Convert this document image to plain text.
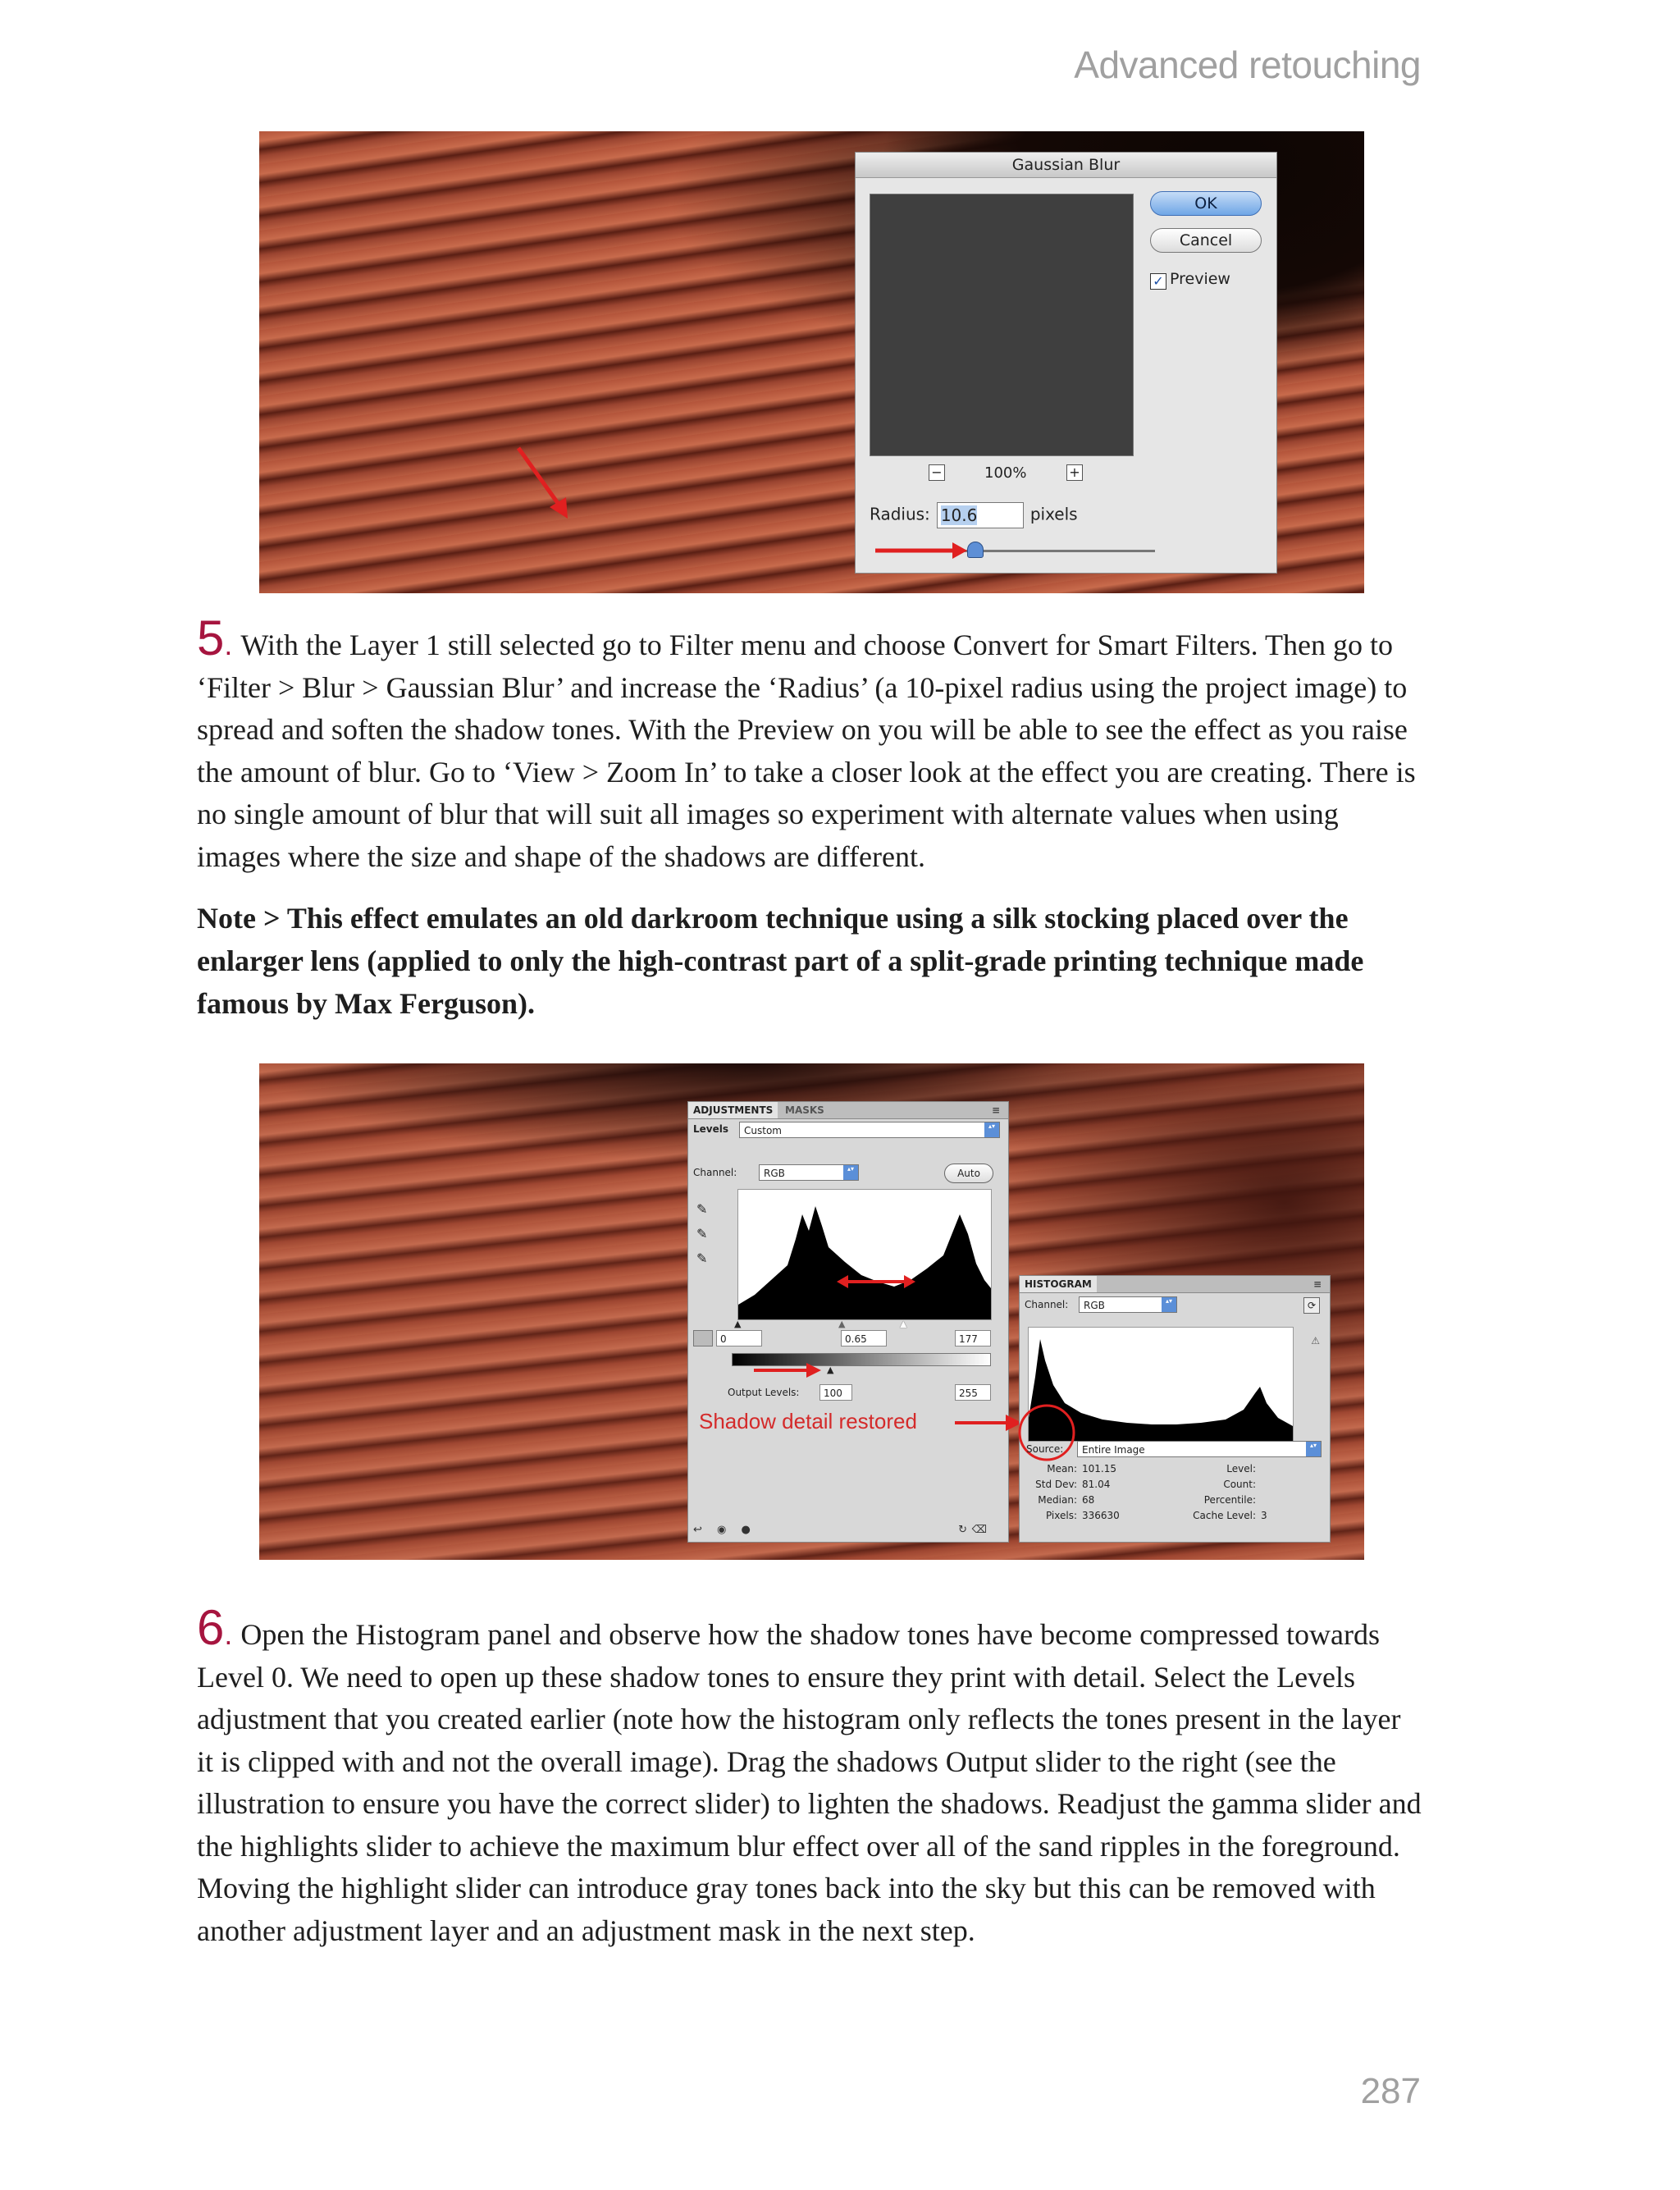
Advanced retouching
Gaussian Blur
−	100%	+
OK
Cancel
✓ Preview
Radius: 10.6	pixels
5. With the Layer 1 still selected go to Filter menu and choose Convert for Smart Filters. Then go to ‘Filter > Blur > Gaussian Blur’ and increase the ‘Radius’ (a 10-pixel radius using the project image) to spread and soften the shadow tones. With the Preview on you will be able to see the effect as you raise the amount of blur. Go to ‘View > Zoom In’ to take a closer look at the effect you are creating. There is no single amount of blur that will suit all images so experiment with alternate values when using images where the size and shape of the shadows are different.
Note > This effect emulates an old darkroom technique using a silk stocking placed over the enlarger lens (applied to only the high-contrast part of a split-grade printing technique made famous by Max Ferguson).
ADJUSTMENTS	MASKS	≡
Levels	Custom ▴▾
Channel:	RGB ▴▾	Auto
✎
✎
✎
▲	▲	▲
0	0.65	177
▲
Output Levels:	100	255
↩ ◉ ●	↻ ⌫
Shadow detail restored
HISTOGRAM	≡
Channel:	RGB ▴▾	⟳
⚠
Source:	Entire Image ▴▾
Mean: 101.15	Level:
Std Dev: 81.04	Count:
Median: 68	Percentile:
Pixels: 336630	Cache Level: 3
6. Open the Histogram panel and observe how the shadow tones have become compressed towards Level 0. We need to open up these shadow tones to ensure they print with detail. Select the Levels adjustment that you created earlier (note how the histogram only reflects the tones present in the layer it is clipped with and not the overall image). Drag the shadows Output slider to the right (see the illustration to ensure you have the correct slider) to lighten the shadows. Readjust the gamma slider and the highlights slider to achieve the maximum blur effect over all of the sand ripples in the foreground. Moving the highlight slider can introduce gray tones back into the sky but this can be removed with another adjustment layer and an adjustment mask in the next step.
287
